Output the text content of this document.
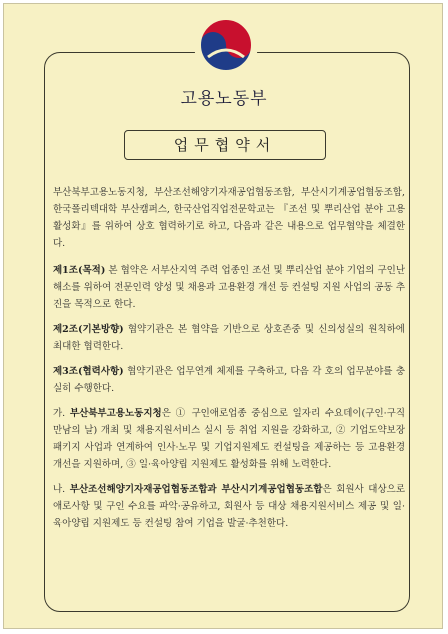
고용노동부
업무협약서

부산북부고용노동지청, 부산조선해양기자재공업협동조합, 부산시기계공업협동조합, 한국폴리텍대학 부산캠퍼스, 한국산업직업전문학교는 『조선 및 뿌리산업 분야 고용 활성화』를 위하여 상호 협력하기로 하고, 다음과 같은 내용으로 업무협약을 체결한다.

제1조(목적) 본 협약은 서부산지역 주력 업종인 조선 및 뿌리산업 분야 기업의 구인난 해소를 위하여 전문인력 양성 및 채용과 고용환경 개선 등 컨설팅 지원 사업의 공동 추진을 목적으로 한다.

제2조(기본방향) 협약기관은 본 협약을 기반으로 상호존중 및 신의성실의 원칙하에 최대한 협력한다.

제3조(협력사항) 협약기관은 업무연계 체제를 구축하고, 다음 각 호의 업무분야를 충실히 수행한다.

가. 부산북부고용노동지청은 ① 구인애로업종 중심으로 일자리 수요데이(구인·구직 만남의 날) 개최 및 채용지원서비스 실시 등 취업 지원을 강화하고, ② 기업도약보장패키지 사업과 연계하여 인사·노무 및 기업지원제도 컨설팅을 제공하는 등 고용환경 개선을 지원하며, ③ 일·육아양립 지원제도 활성화를 위해 노력한다.

나. 부산조선해양기자재공업협동조합과 부산시기계공업협동조합은 회원사 대상으로 애로사항 및 구인 수요를 파악·공유하고, 회원사 등 대상 채용지원서비스 제공 및 일·육아양립 지원제도 등 컨설팅 참여 기업을 발굴·추천한다.
